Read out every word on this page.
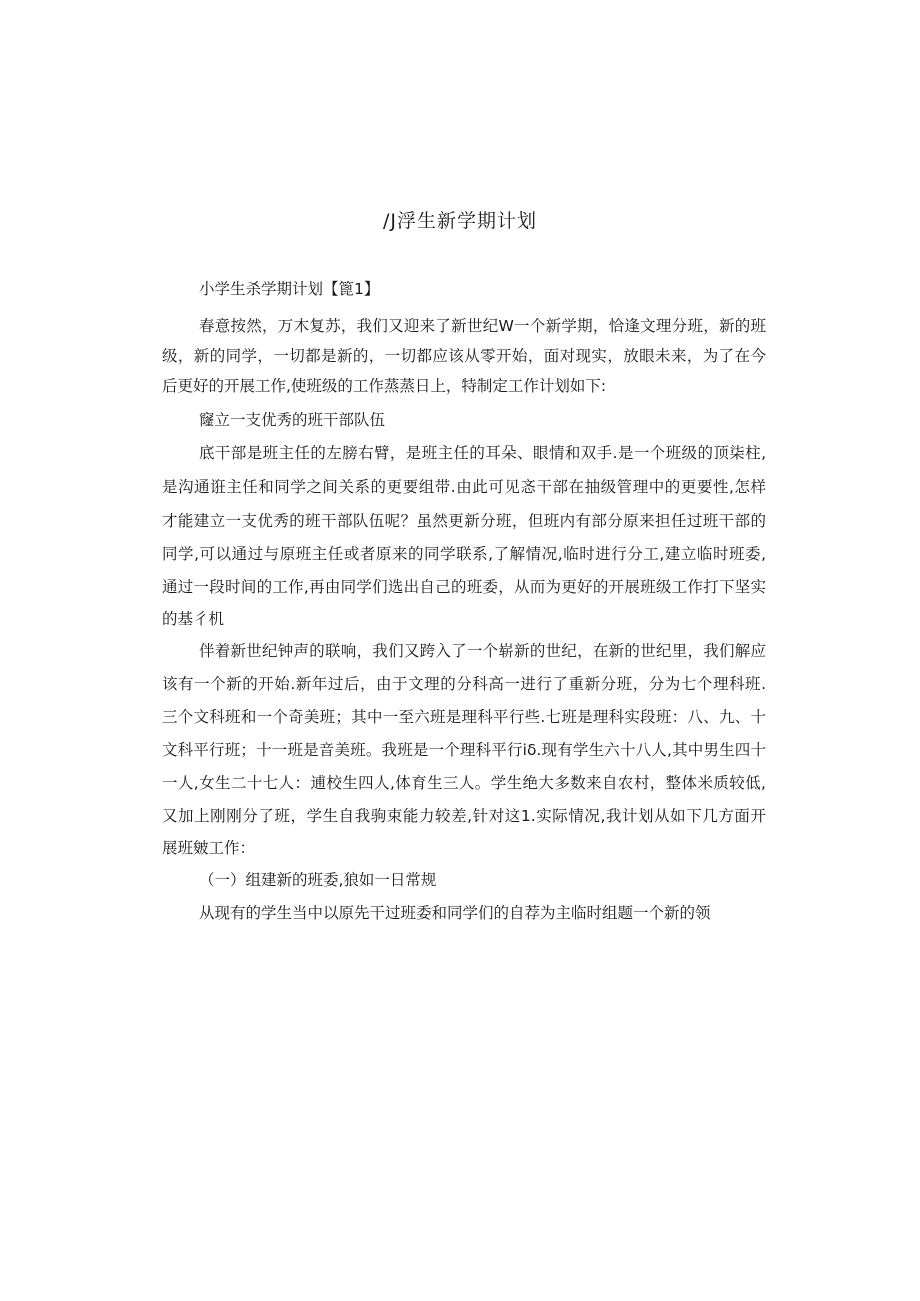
/J浮生新学期计划

小学生杀学期计划【篦1】

春意按然，万木复苏，我们又迎来了新世纪W一个新学期，恰逢文理分班，新的班

级，新的同学，一切都是新的，一切都应该从零开始，面对现实，放眼未来，为了在今

后更好的开展工作,使班级的工作蒸蒸日上，特制定工作计划如下:

窿立一支优秀的班干部队伍

底干部是班主任的左膀右臂，是班主任的耳朵、眼情和双手.是一个班级的顶柒柱,

是沟通诳主任和同学之间关系的更要组带.由此可见忞干部在抽级管理中的更要性,怎样

才能建立一支优秀的班干部队伍呢？虽然更新分班，但班内有部分原来担任过班干部的

同学,可以通过与原班主任或者原来的同学联系,了解情况,临时进行分工,建立临时班委,

通过一段时间的工作,再由同学们选出自己的班委，从而为更好的开展班级工作打下坚实

的基彳机

伴着新世纪钟声的联响，我们又跨入了一个崭新的世纪，在新的世纪里，我们解应

该有一个新的开始.新年过后，由于文理的分科高一进行了重新分班，分为七个理科班.

三个文科班和一个奇美班；其中一至六班是理科平行些.七班是理科实段班：八、九、十

文科平行班；十一班是音美班。我班是一个理科平行iδ.现有学生六十八人,其中男生四十

一人,女生二十七人：逋校生四人,体育生三人。学生绝大多数来自农村，整体米质较低,

又加上刚刚分了班，学生自我驹束能力较差,针对这1.实际情况,我计划从如下几方面开

展班皴工作：

（一）组建新的班委,狼如一日常规

从现有的学生当中以原先干过班委和同学们的自荐为主临时组题一个新的领
